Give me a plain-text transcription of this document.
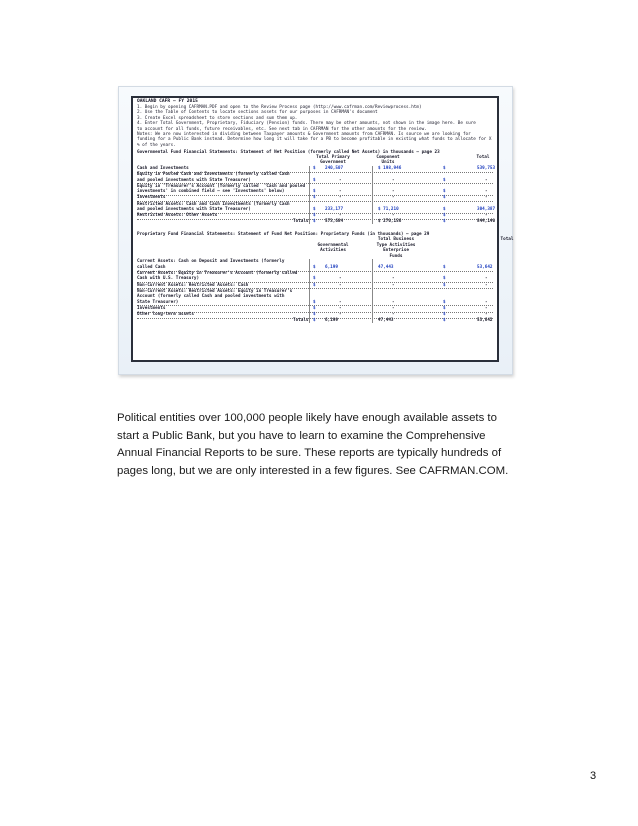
OAKLAND CAFR – FY 2015
1. Begin by opening CAFRMAN.PDF and open to the Review Process page (http://www.cafrman.com/Reviewprocess.htm)
2. Use the Table of Contents to locate sections assets for our purposes in CAFRMAN's document
3. Create Excel spreadsheet to store sections and sum them up.
4. Enter Total Government, Proprietary, Fiduciary (Pension) funds. There may be other amounts, not shown in the image here. Be sure
to account for all funds, future receivables, etc. See next tab in CAFRMAN for the other amounts for the review.
Notes: We are now interested in dividing between Taxpayer amounts & Government amounts from CAFRMAN. Is source we are looking for
funding for a Public Bank instead. Determine how long it will take for a PB to become profitable in existing what funds to allocate for X
% of the years.
Governmental Fund Financial Statements: Statement of Net Position (formerly called Net Assets) in thousands – page 23
Total Primary
Government
Component
Units
Total
Cash and Investments	$ 240,507	$ 198,946	$	539,753
Equity in Pooled Cash and Investments (formerly called Cash
and pooled investments with State Treasurer)	$	-	-	$	-
Equity in 'Treasurer's Account (formerly called  'Cash and pooled
investments' in combined field – see 'Investments' below)	$	-	-	$	-
Investments	$	-	-	$	-
Restricted Assets: Cash and Cash Investments (formerly Cash
and pooled investments with State Treasurer)	$ 233,177	$ 71,210	$	304,387
Restricted Assets: Other Assets	$	-	-	$	-
Totals $ 573,684	$ 270,156	$	844,140
Proprietary Fund Financial Statements: Statement of Fund Net Position: Proprietary Funds (in thousands) – page 29
Governmental
Activities
Total Business
Type Activities
Enterprise
Funds
Total
Current Assets: Cash on Deposit and Investments (formerly
called Cash	$ 6,199	47,443	$	53,642
Current Assets: Equity in Treasurer's Account (formerly called
Cash with U.S. Treasury)	$	-	-	$	-
Non-Current Assets: Restricted Assets: Cash	$	-	-	$	-
Non-Current Assets: Restricted Assets: Equity in Treasurer's
Account (formerly called Cash and pooled investments with
State Treasurer)	$	-	-	$	-
Investments	$	-	-	$	-
Other long-term assets	$	-	-	$	-
Totals $ 6,199	47,443	$	53,642

Political entities over 100,000 people likely have enough available assets to start a Public Bank, but you have to learn to examine the Comprehensive Annual Financial Reports to be sure. These reports are typically hundreds of pages long, but we are only interested in a few figures. See CAFRMAN.COM.

3
